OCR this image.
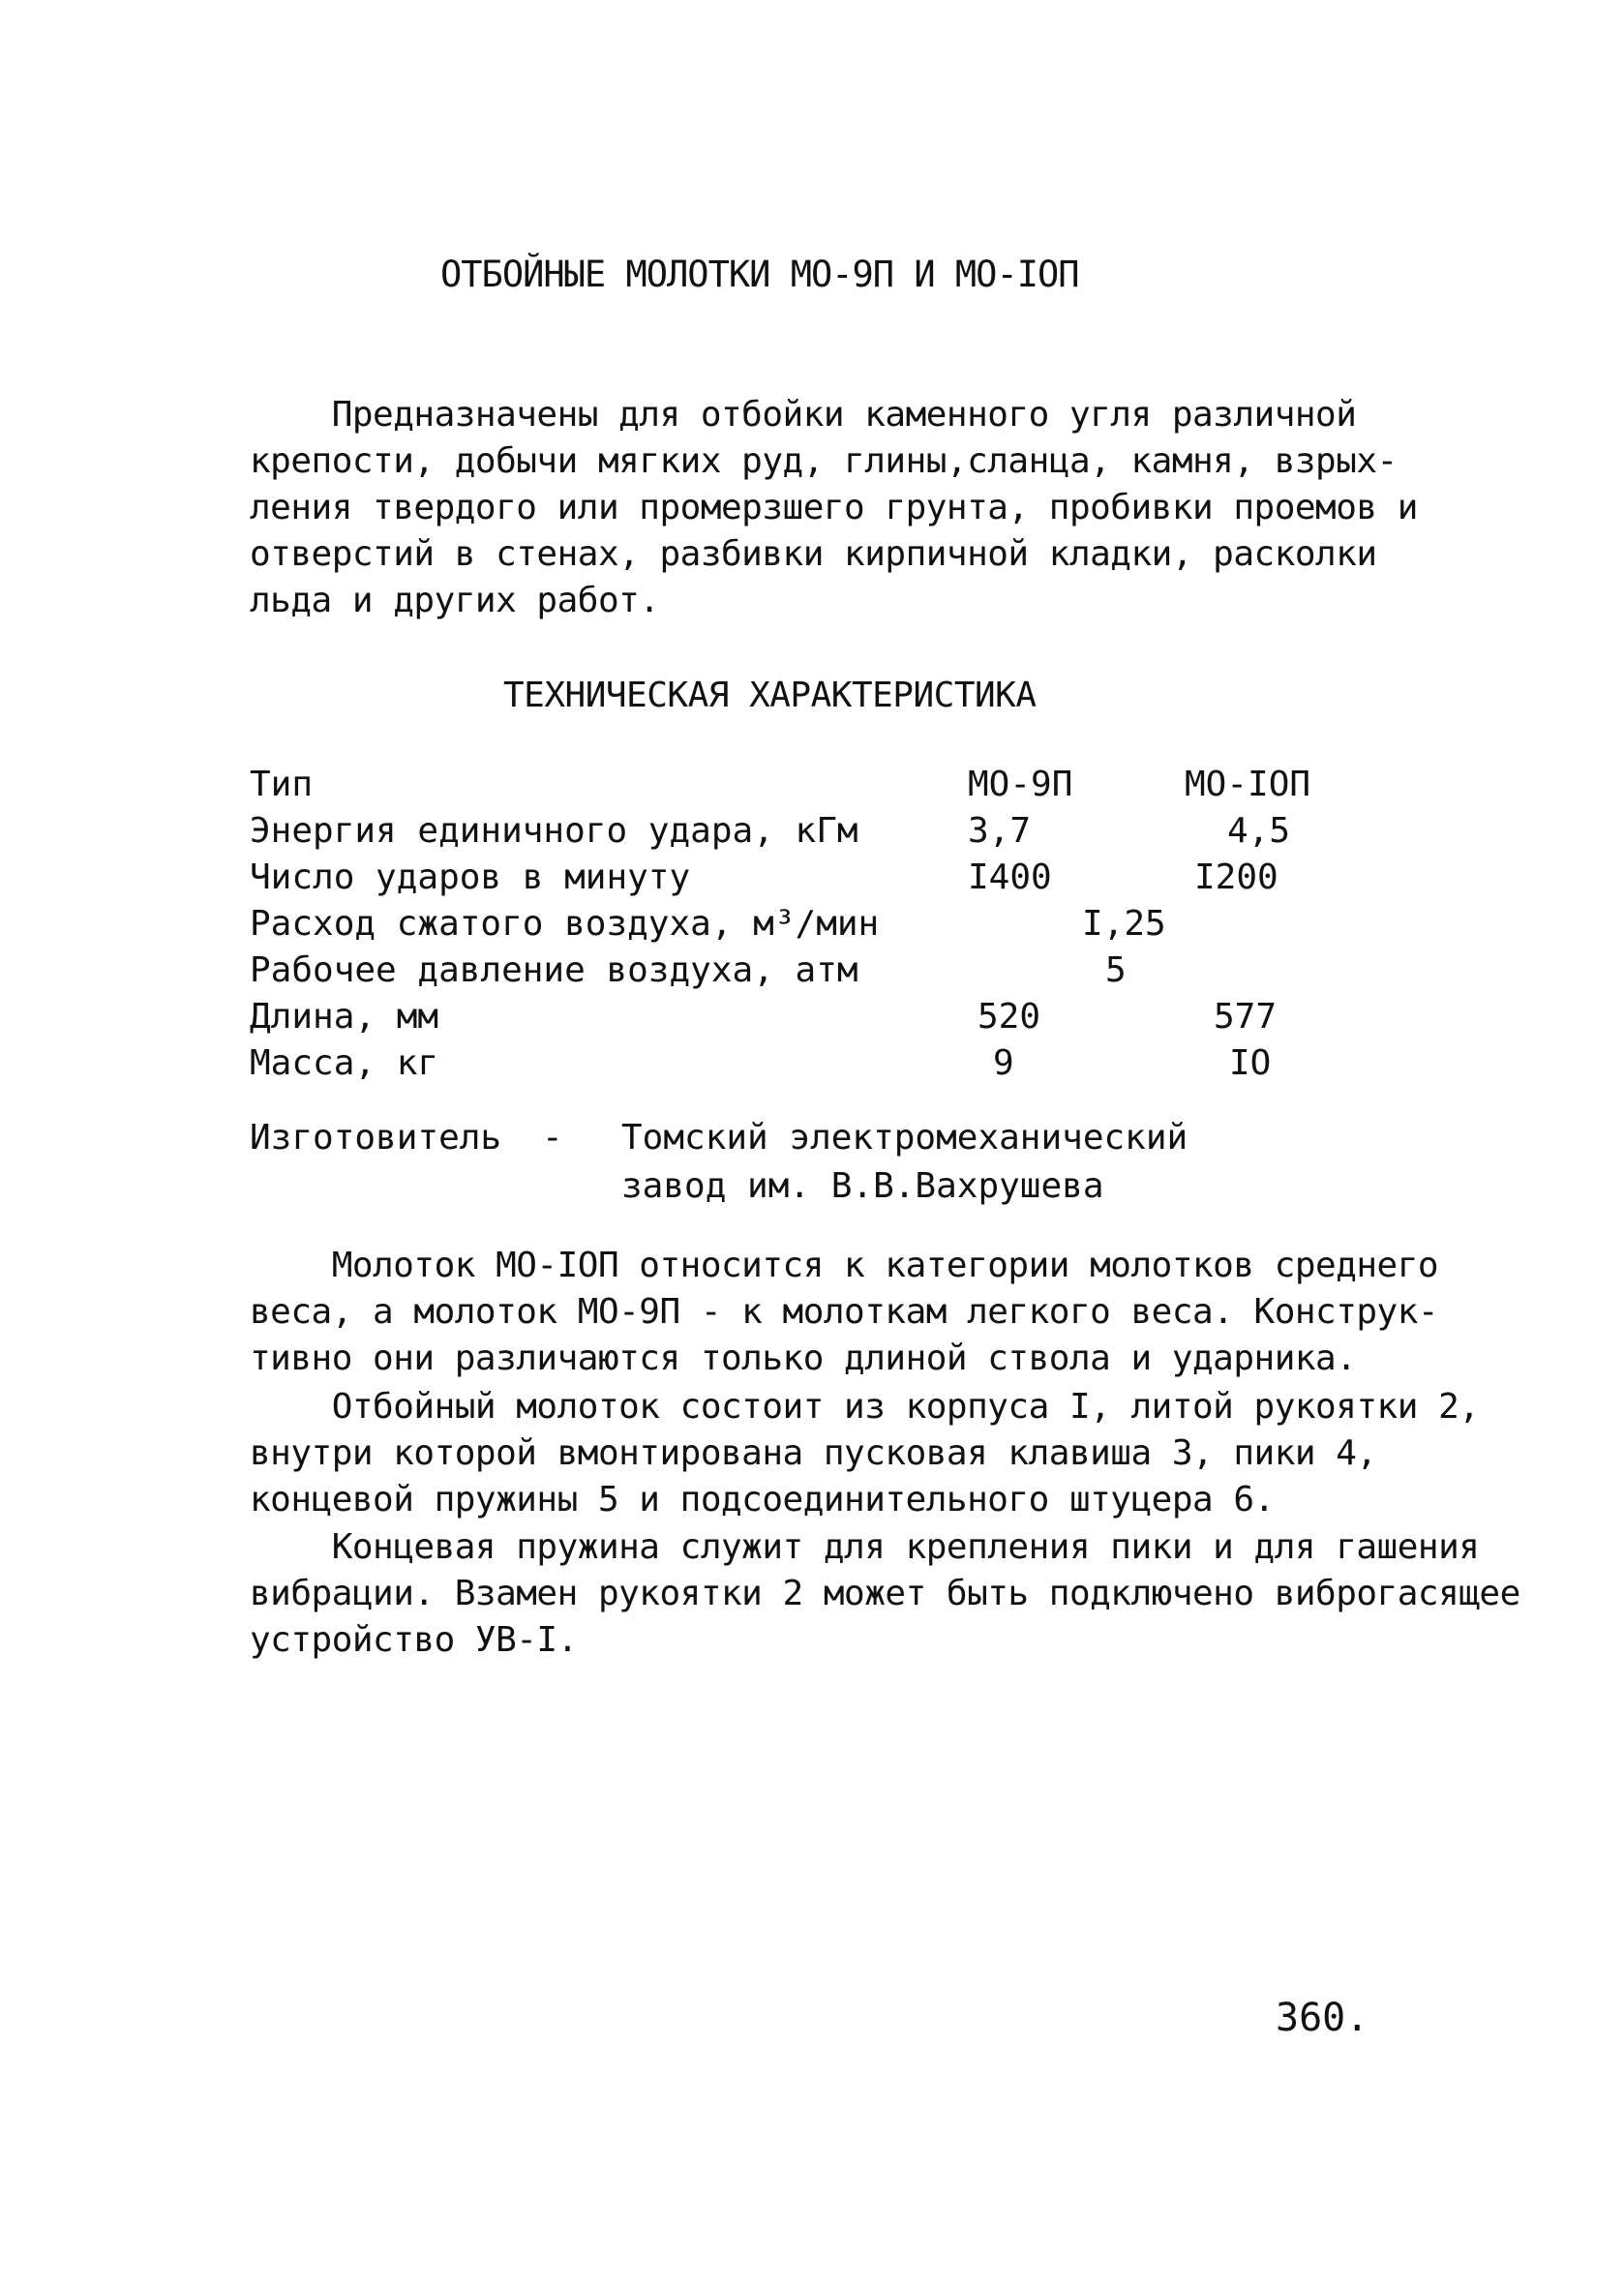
ОТБОЙНЫЕ МОЛОТКИ МО-9П И МО-IОП
Предназначены для отбойки каменного угля различной
крепости, добычи мягких руд, глины,сланца, камня, взрых-
ления твердого или промерзшего грунта, пробивки проемов и
отверстий в стенах, разбивки кирпичной кладки, расколки
льда и других работ.
ТЕХНИЧЕСКАЯ ХАРАКТЕРИСТИКА
Тип	МО-9П	МО-IОП
Энергия единичного удара, кГм	3,7	4,5
Число ударов в минуту	I400	I200
Расход сжатого воздуха, м³/мин	I,25
Рабочее давление воздуха, атм	5
Длина, мм	520	577
Масса, кг	9	IO
Изготовитель - Томский электромеханический
завод им. В.В.Вахрушева
Молоток МО-IОП относится к категории молотков среднего
веса, а молоток МО-9П - к молоткам легкого веса. Конструк-
тивно они различаются только длиной ствола и ударника.
Отбойный молоток состоит из корпуса I, литой рукоятки 2,
внутри которой вмонтирована пусковая клавиша 3, пики 4,
концевой пружины 5 и подсоединительного штуцера 6.
Концевая пружина служит для крепления пики и для гашения
вибрации. Взамен рукоятки 2 может быть подключено виброгасящее
устройство УВ-I.
360.
